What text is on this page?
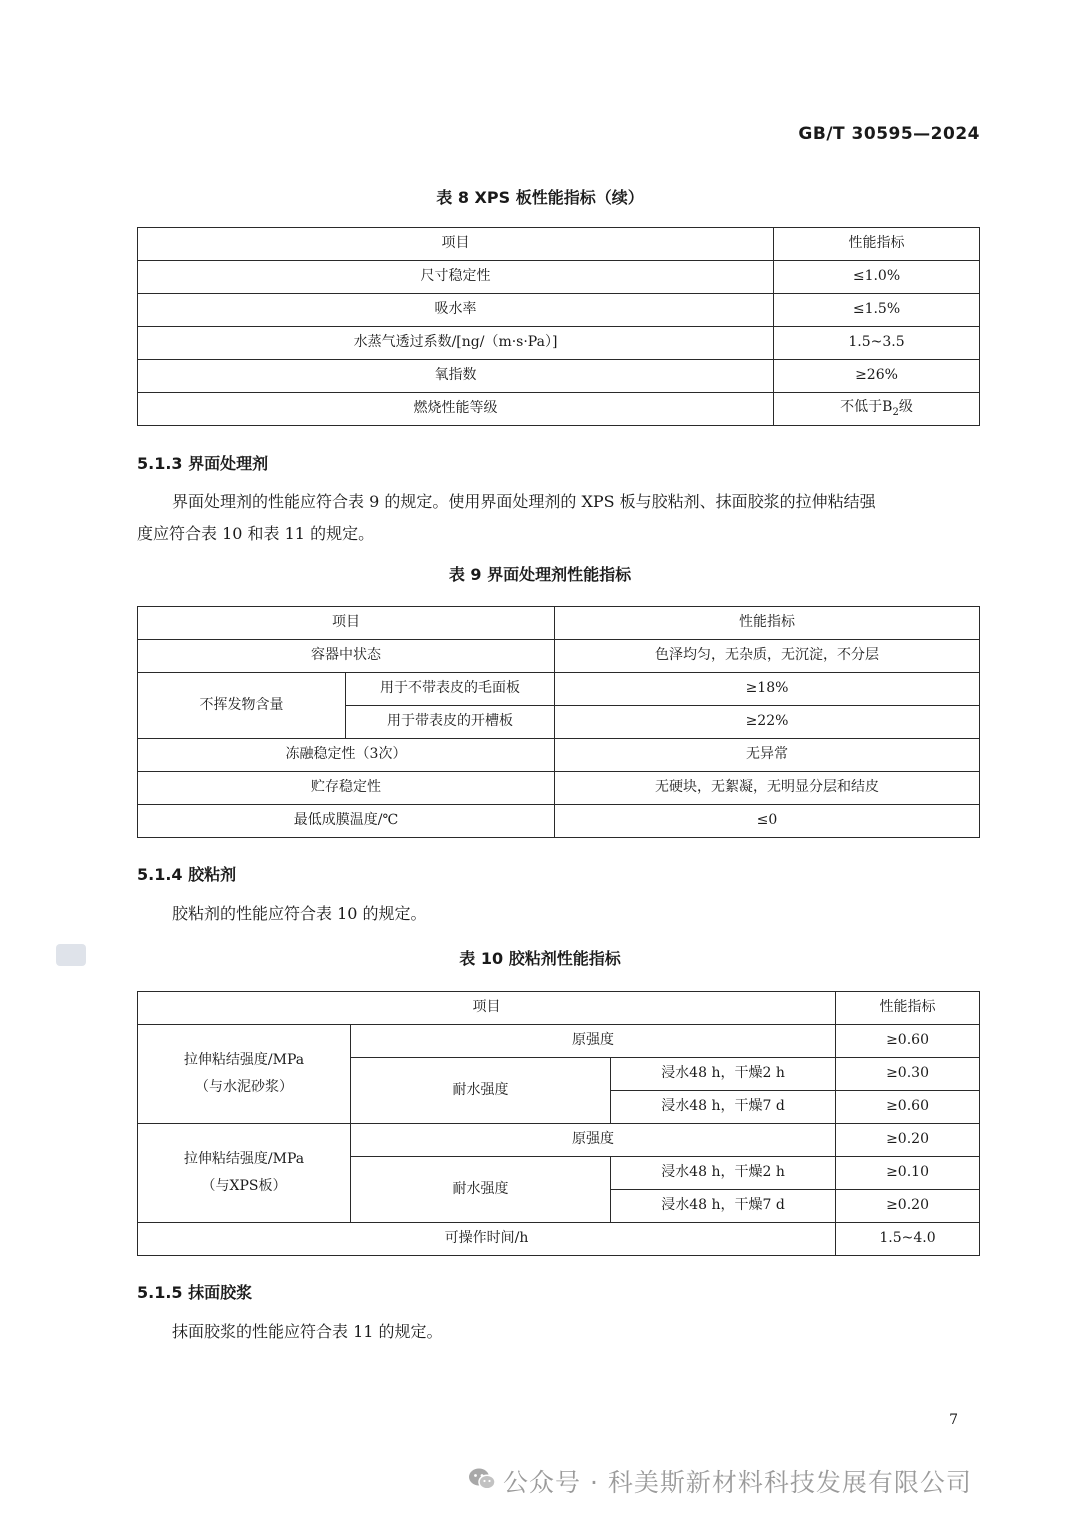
GB/T 30595—2024
表 8 XPS 板性能指标（续）
项目	性能指标
尺寸稳定性	≤1.0%
吸水率	≤1.5%
水蒸气透过系数/[ng/（m·s·Pa）]	1.5~3.5
氧指数	≥26%
燃烧性能等级	不低于$B_2$级
5.1.3 界面处理剂
界面处理剂的性能应符合表 9 的规定。使用界面处理剂的 XPS 板与胶粘剂、抹面胶浆的拉伸粘结强
度应符合表 10 和表 11 的规定。
表 9 界面处理剂性能指标
项目		性能指标
容器中状态		色泽均匀，无杂质，无沉淀，不分层
不挥发物含量	用于不带表皮的毛面板	≥18%
	用于带表皮的开槽板	≥22%
冻融稳定性（3次）		无异常
贮存稳定性		无硬块，无絮凝，无明显分层和结皮
最低成膜温度/℃		≤0
5.1.4 胶粘剂
胶粘剂的性能应符合表 10 的规定。
表 10 胶粘剂性能指标
项目			性能指标

拉伸粘结强度/MPa
（与水泥砂浆）	原强度		≥0.60
	耐水强度	浸水48 h，干燥2 h	≥0.30
		浸水48 h，干燥7 d	≥0.60

拉伸粘结强度/MPa
（与XPS板）	原强度		≥0.20
	耐水强度	浸水48 h，干燥2 h	≥0.10
		浸水48 h，干燥7 d	≥0.20
可操作时间/h			1.5~4.0
5.1.5 抹面胶浆
抹面胶浆的性能应符合表 11 的规定。
7
公众号 · 科美斯新材料科技发展有限公司
